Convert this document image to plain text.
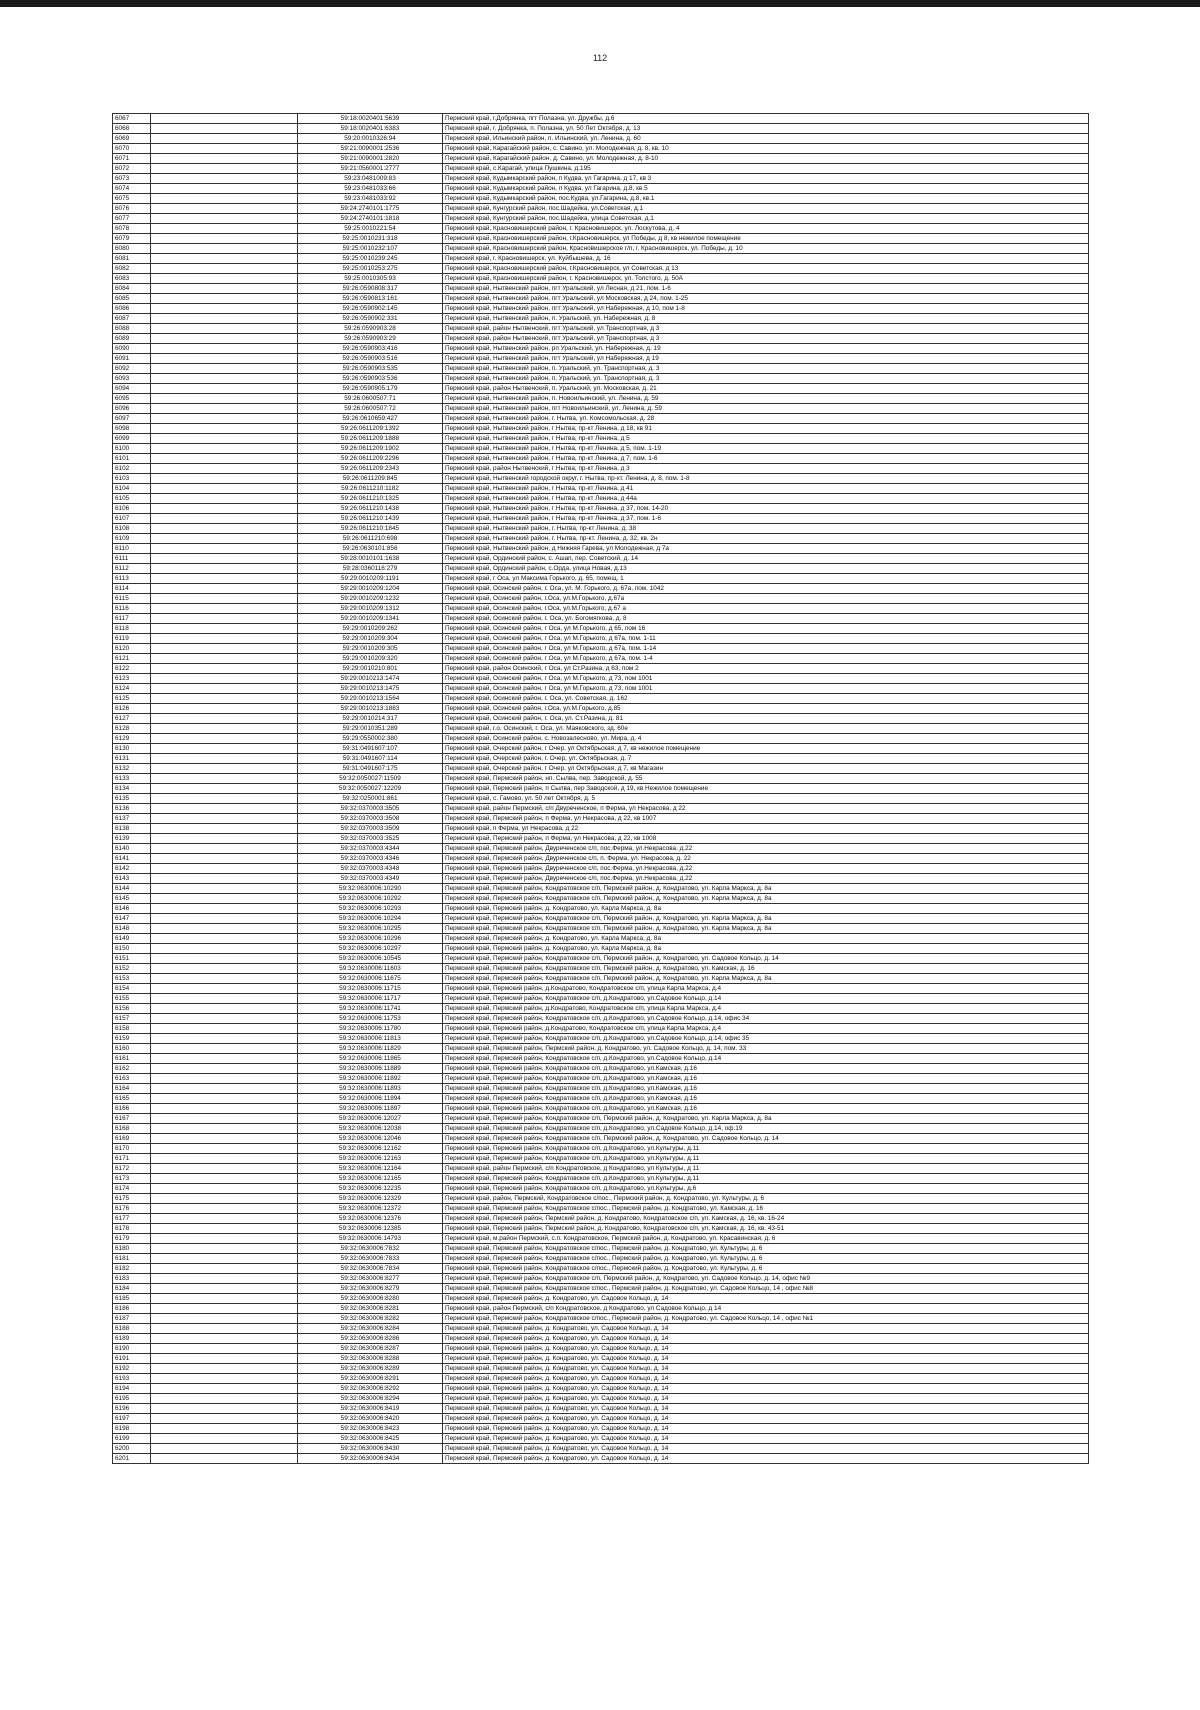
112
6067		59:18:0020401:5639	Пермский край, г.Добрянка, пгт Полазна, ул. Дружбы, д.6
6068		59:18:0020401:6383	Пермский край, г. Добрянка, п. Полазна, ул. 50 Лет Октября, д. 13
6069		59:20:0010326:94	Пермский край, Ильинский район, п. Ильинский, ул. Ленина, д. 60
6070		59:21:0090001:2536	Пермский край, Карагайский район, с. Савино, ул. Молодежная, д. 8, кв. 10
6071		59:21:0090001:2820	Пермский край, Карагайский район, д. Савино, ул. Молодежная, д. 8-10
6072		59:21:0560001:2777	Пермский край, с.Карагай, улица Пушкина, д.195
6073		59:23:0481009:83	Пермский край, Кудымкарский район, п Кудва, ул Гагарина, д 17, кв 3
6074		59:23:0481033:66	Пермский край, Кудымкарский район, п Кудва, ул Гагарина, д.8, кв.5
6075		59:23:0481033:92	Пермский край, Кудымкарский район, пос.Кудва, ул.Гагарина, д.8, кв.1
6076		59:24:2740101:1775	Пермский край, Кунгурский район, пос.Шадейка, ул.Советская, д.1
6077		59:24:2740101:1818	Пермский край, Кунгурский район, пос.Шадейка, улица Советская, д.1
6078		59:25:0010221:54	Пермский край, Красновишерский район, г. Красновишерск, ул. Лоскутова, д. 4
6079		59:25:0010231:318	Пермский край, Красновишерский район, г.Красновишерск, ул Победы, д 8, кв нежилое помещение
6080		59:25:0010232:107	Пермский край, Красновишерский район, Красновишерское г/п, г. Красновишерск, ул. Победы, д. 10
6081		59:25:0010239:245	Пермский край, г. Красновишерск, ул. Куйбышева, д. 16
6082		59:25:0010253:275	Пермский край, Красновишерский район, г.Красновишерск, ул Советская, д 13
6083		59:25:0010305:93	Пермский край, Красновишерский район, г. Красновишерск, ул. Толстого, д. 50А
6084		59:26:0590808:317	Пермский край, Нытвенский район, пгт Уральский, ул Лесная, д 21, пом. 1-6
6085		59:26:0590813:161	Пермский край, Нытвенский район, пгт Уральский, ул Московская, д 24, пом. 1-25
6086		59:26:0590902:145	Пермский край, Нытвенский район, пгт Уральский, ул Набережная, д 10, пом 1-8
6087		59:26:0590902:331	Пермский край, Нытвенский район, п. Уральский, ул. Набережная, д. 8
6088		59:26:0590903:28	Пермский край, район Нытвенский, пгт Уральский, ул Транспортная, д 3
6089		59:26:0590903:29	Пермский край, район Нытвенский, пгт Уральский, ул Транспортная, д 3
6090		59:26:0590903:416	Пермский край, Нытвенский район, рп Уральский, ул. Набережная, д. 19
6091		59:26:0590903:516	Пермский край, Нытвенский район, пгт Уральский, ул Набережная, д 19
6092		59:26:0590903:535	Пермский край, Нытвенский район, п. Уральский, ул. Транспортная, д. 3
6093		59:26:0590903:536	Пермский край, Нытвенский район, п. Уральский, ул. Транспортная, д. 3
6094		59:26:0590905:179	Пермский край, район Нытвенский, п. Уральский, ул. Московская, д. 21
6095		59:26:0600507:71	Пермский край, Нытвенский район, п. Новоильинский, ул. Ленина, д. 59
6096		59:26:0600507:72	Пермский край, Нытвенский район, пгт Новоильинский, ул. Ленина, д. 59
6097		59:26:0610659:427	Пермский край, Нытвенский район, г. Нытва, ул. Комсомольская, д. 28
6098		59:26:0611209:1392	Пермский край, Нытвенский район, г Нытва, пр-кт Ленина, д 18, кв 91
6099		59:26:0611209:1888	Пермский край, Нытвенский район, г Нытва, пр-кт Ленина, д 5
6100		59:26:0611209:1902	Пермский край, Нытвенский район, г Нытва, пр-кт Ленина, д 5, пом. 1-19
6101		59:26:0611209:2296	Пермский край, Нытвенский район, г Нытва, пр-кт Ленина, д 7, пом. 1-6
6102		59:26:0611209:2343	Пермский край, район Нытвенский, г Нытва, пр-кт Ленина, д 3
6103		59:26:0611209:845	Пермский край, Нытвенский городской округ, г. Нытва, пр-кт. Ленина, д. 8, пом. 1-8
6104		59:26:0611210:1182	Пермский край, Нытвенский район, г Нытва, пр-кт Ленина, д 41
6105		59:26:0611210:1325	Пермский край, Нытвенский район, г Нытва, пр-кт Ленина, д 44а
6106		59:26:0611210:1438	Пермский край, Нытвенский район, г Нытва, пр-кт Ленина, д 37, пом. 14-20
6107		59:26:0611210:1439	Пермский край, Нытвенский район, г Нытва, пр-кт Ленина, д 37, пом. 1-6
6108		59:26:0611210:1845	Пермский край, Нытвенский район, г. Нытва, пр-кт Ленина, д. 38
6109		59:26:0611210:698	Пермский край, Нытвенский район, г. Нытва, пр-кт. Ленина, д. 32, кв. 2н
6110		59:26:0630101:856	Пермский край, Нытвенский район, д Нижняя Гарева, ул Молодежная, д 7а
6111		59:28:0010101:1638	Пермский край, Ординский район, с. Ашап, пер. Советский, д. 14
6112		59:28:0360116:279	Пермский край, Ординский район, с.Орда, улица Новая, д.13
6113		59:29:0010209:1191	Пермский край, г Оса, ул Максима Горького, д. 65, помещ. 1
6114		59:29:0010209:1204	Пермский край, Осинский район, г. Оса, ул. М. Горького, д. 67а, пом. 1042
6115		59:29:0010209:1232	Пермский край, Осинский район, г.Оса, ул.М.Горького, д.67а
6116		59:29:0010209:1312	Пермский край, Осинский район, г.Оса, ул.М.Горького, д.67 а
6117		59:29:0010209:1341	Пермский край, Осинский район, г. Оса, ул. Богомягкова, д. 8
6118		59:29:0010209:262	Пермский край, Осинский район, г Оса, ул М.Горького, д 65, пом 16
6119		59:29:0010209:304	Пермский край, Осинский район, г Оса, ул М.Горького, д 67а, пом. 1-11
6120		59:29:0010209:305	Пермский край, Осинский район, г Оса, ул М.Горького, д 67а, пом. 1-14
6121		59:29:0010209:320	Пермский край, Осинский район, г Оса, ул М.Горького, д 67а, пом. 1-4
6122		59:29:0010210:801	Пермский край, район Осинский, г Оса, ул Ст.Разина, д 63, пом 2
6123		59:29:0010213:1474	Пермский край, Осинский район, г Оса, ул М.Горького, д 73, пом 1001
6124		59:29:0010213:1475	Пермский край, Осинский район, г Оса, ул М.Горького, д 73, пом 1001
6125		59:29:0010213:1564	Пермский край, Осинский район, г. Оса, ул. Советская, д. 162
6126		59:29:0010213:1883	Пермский край, Осинский район, г.Оса, ул.М.Горького, д.85
6127		59:29:0010214:317	Пермский край, Осинский район, г. Оса, ул. Ст.Разина, д. 81
6128		59:29:0010351:289	Пермский край, г.о. Осинский, г. Оса, ул. Маяковского, зд. 60е
6129		59:29:0550002:380	Пермский край, Осинский район, с. Новозалесново, ул. Мира, д. 4
6130		59:31:0491607:107	Пермский край, Очерский район, г Очер, ул Октябрьская, д 7, кв нежилое помещение
6131		59:31:0491607:114	Пермский край, Очерский район, г. Очер, ул. Октябрьская, д. 7
6132		59:31:0491607:175	Пермский край, Очерский район, г Очер, ул Октябрьская, д 7, кв Магазин
6133		59:32:0050027:11509	Пермский край, Пермский район, нп. Сылва, пер. Заводской, д. 55
6134		59:32:0050027:12209	Пермский край, Пермский район, п Сылва, пер Заводской, д 19, кв Нежилое помещение
6135		59:32:0250001:861	Пермский край, с. Гамово, ул. 50 лет Октября, д. 5
6136		59:32:0370003:3505	Пермский край, район Пермский, с/п Двуреченское, п Ферма, ул Некрасова, д 22
6137		59:32:0370003:3508	Пермский край, Пермский район, п Ферма, ул Некрасова, д 22, кв 1007
6138		59:32:0370003:3509	Пермский край, п Ферма, ул Некрасова, д 22
6139		59:32:0370003:3525	Пермский край, Пермский район, п Ферма, ул Некрасова, д 22, кв 1008
6140		59:32:0370003:4344	Пермский край, Пермский район, Двуреченское с/п, пос.Ферма, ул.Некрасова, д.22
6141		59:32:0370003:4346	Пермский край, Пермский район, Двуреченское с/п, п. Ферма, ул. Некрасова, д. 22
6142		59:32:0370003:4348	Пермский край, Пермский район, Двуреченское с/п, пос.Ферма, ул.Некрасова, д.22
6143		59:32:0370003:4349	Пермский край, Пермский район, Двуреченское с/п, пос.Ферма, ул.Некрасова, д.22
6144		59:32:0630006:10290	Пермский край, Пермский район, Кондратовское с/п, Пермский район, д. Кондратово, ул. Карла Маркса, д. 8а
6145		59:32:0630006:10292	Пермский край, Пермский район, Кондратовское с/п, Пермский район, д. Кондратово, ул. Карла Маркса, д. 8а
6146		59:32:0630006:10293	Пермский край, Пермский район, д. Кондратово, ул. Карла Маркса, д. 8а
6147		59:32:0630006:10294	Пермский край, Пермский район, Кондратовское с/п, Пермский район, д. Кондратово, ул. Карла Маркса, д. 8а
6148		59:32:0630006:10295	Пермский край, Пермский район, Кондратовское с/п, Пермский район, д. Кондратово, ул. Карла Маркса, д. 8а
6149		59:32:0630006:10296	Пермский край, Пермский район, д. Кондратово, ул. Карла Маркса, д. 8а
6150		59:32:0630006:10297	Пермский край, Пермский район, д. Кондратово, ул. Карла Маркса, д. 8а
6151		59:32:0630006:10545	Пермский край, Пермский район, Кондратовское с/п, Пермский район, д. Кондратово, ул. Садовое Кольцо, д. 14
6152		59:32:0630006:11603	Пермский край, Пермский район, Кондратовское с/п, Пермский район, д. Кондратово, ул. Камская, д. 16
6153		59:32:0630006:11675	Пермский край, Пермский район, Кондратовское с/п, Пермский район, д. Кондратово, ул. Карла Маркса, д. 8а
6154		59:32:0630006:11715	Пермский край, Пермский район, д.Кондратово, Кондратовское с/п, улица Карла Маркса, д.4
6155		59:32:0630006:11717	Пермский край, Пермский район, Кондратовское с/п, д.Кондратово, ул.Садовое Кольцо, д.14
6156		59:32:0630006:11741	Пермский край, Пермский район, д.Кондратово, Кондратовское с/п, улица Карла Маркса, д.4
6157		59:32:0630006:11753	Пермский край, Пермский район, Кондратовское с/п, д.Кондратово, ул.Садовое Кольцо, д.14, офис 34
6158		59:32:0630006:11780	Пермский край, Пермский район, д.Кондратово, Кондратовское с/п, улица Карла Маркса, д.4
6159		59:32:0630006:11813	Пермский край, Пермский район, Кондратовское с/п, д.Кондратово, ул.Садовое Кольцо, д.14, офис 35
6160		59:32:0630006:11829	Пермский край, Пермский район, Пермский район, д. Кондратово, ул. Садовое Кольцо, д. 14, пом. 33
6161		59:32:0630006:11865	Пермский край, Пермский район, Кондратовское с/п, д.Кондратово, ул.Садовое Кольцо, д.14
6162		59:32:0630006:11889	Пермский край, Пермский район, Кондратовское с/п, д.Кондратово, ул.Камская, д.16
6163		59:32:0630006:11892	Пермский край, Пермский район, Кондратовское с/п, д.Кондратово, ул.Камская, д.16
6164		59:32:0630006:11893	Пермский край, Пермский район, Кондратовское с/п, д.Кондратово, ул.Камская, д.16
6165		59:32:0630006:11894	Пермский край, Пермский район, Кондратовское с/п, д.Кондратово, ул.Камская, д.16
6166		59:32:0630006:11897	Пермский край, Пермский район, Кондратовское с/п, д.Кондратово, ул.Камская, д.16
6167		59:32:0630006:12027	Пермский край, Пермский район, Кондратовское с/п, Пермский район, д. Кондратово, ул. Карла Маркса, д. 8а
6168		59:32:0630006:12038	Пермский край, Пермский район, Кондратовское с/п, д.Кондратово, ул.Садовое Кольцо, д.14, оф.19
6169		59:32:0630006:12046	Пермский край, Пермский район, Кондратовское с/п, Пермский район, д. Кондратово, ул. Садовое Кольцо, д. 14
6170		59:32:0630006:12162	Пермский край, Пермский район, Кондратовское с/п, д.Кондратово, ул.Культуры, д.11
6171		59:32:0630006:12163	Пермский край, Пермский район, Кондратовское с/п, д.Кондратово, ул.Культуры, д.11
6172		59:32:0630006:12164	Пермский край, район Пермский, с/п Кондратовское, д Кондратово, ул Культуры, д 11
6173		59:32:0630006:12165	Пермский край, Пермский район, Кондратовское с/п, д.Кондратово, ул.Культуры, д.11
6174		59:32:0630006:12235	Пермский край, Пермский район, Кондратовское с/п, д.Кондратово, ул.Культуры, д.6
6175		59:32:0630006:12329	Пермский край, район, Пермский, Кондратовское с/пос., Пермский район, д. Кондратово, ул. Культуры, д. 6
6176		59:32:0630006:12372	Пермский край, Пермский район, Кондратовское с/пос., Пермский район, д. Кондратово, ул. Камская, д. 16
6177		59:32:0630006:12376	Пермский край, Пермский район, Пермский район, д. Кондратово, Кондратовское с/п, ул. Камская, д. 16, кв. 16-24
6178		59:32:0630006:12385	Пермский край, Пермский район, Пермский район, д. Кондратово, Кондратовское с/п, ул. Камская, д. 16, кв. 43-51
6179		59:32:0630006:14793	Пермский край, м.район Пермский, с.п. Кондратовское, Пермский район, д. Кондратово, ул. Красавинская, д. 6
6180		59:32:0630006:7832	Пермский край, Пермский район, Кондратовское с/пос., Пермский район, д. Кондратово, ул. Культуры, д. 6
6181		59:32:0630006:7833	Пермский край, Пермский район, Кондратовское с/пос., Пермский район, д. Кондратово, ул. Культуры, д. 6
6182		59:32:0630006:7834	Пермский край, Пермский район, Кондратовское с/пос., Пермский район, д. Кондратово, ул. Культуры, д. 6
6183		59:32:0630006:8277	Пермский край, Пермский район, Кондратовское с/п, Пермский район, д. Кондратово, ул. Садовое Кольцо, д. 14, офис №9
6184		59:32:0630006:8279	Пермский край, Пермский район, Кондратовское с/пос., Пермский район, д. Кондратово, ул. Садовое Кольцо, 14 , офис №8
6185		59:32:0630006:8280	Пермский край, Пермский район, д. Кондратово, ул. Садовое Кольцо, д. 14
6186		59:32:0630006:8281	Пермский край, район Пермский, с/п Кондратовское, д Кондратово, ул Садовое Кольцо, д 14
6187		59:32:0630006:8282	Пермский край, Пермский район, Кондратовское с/пос., Пермский район, д. Кондратово, ул. Садовое Кольцо, 14 , офис №1
6188		59:32:0630006:8284	Пермский край, Пермский район, д. Кондратово, ул. Садовое Кольцо, д. 14
6189		59:32:0630006:8286	Пермский край, Пермский район, д. Кондратово, ул. Садовое Кольцо, д. 14
6190		59:32:0630006:8287	Пермский край, Пермский район, д. Кондратово, ул. Садовое Кольцо, д. 14
6191		59:32:0630006:8288	Пермский край, Пермский район, д. Кондратово, ул. Садовое Кольцо, д. 14
6192		59:32:0630006:8289	Пермский край, Пермский район, д. Кондратово, ул. Садовое Кольцо, д. 14
6193		59:32:0630006:8291	Пермский край, Пермский район, д. Кондратово, ул. Садовое Кольцо, д. 14
6194		59:32:0630006:8292	Пермский край, Пермский район, д. Кондратово, ул. Садовое Кольцо, д. 14
6195		59:32:0630006:8294	Пермский край, Пермский район, д. Кондратово, ул. Садовое Кольцо, д. 14
6196		59:32:0630006:8419	Пермский край, Пермский район, д. Кондратово, ул. Садовое Кольцо, д. 14
6197		59:32:0630006:8420	Пермский край, Пермский район, д. Кондратово, ул. Садовое Кольцо, д. 14
6198		59:32:0630006:8423	Пермский край, Пермский район, д. Кондратово, ул. Садовое Кольцо, д. 14
6199		59:32:0630006:8425	Пермский край, Пермский район, д. Кондратово, ул. Садовое Кольцо, д. 14
6200		59:32:0630006:8430	Пермский край, Пермский район, д. Кондратово, ул. Садовое Кольцо, д. 14
6201		59:32:0630006:8434	Пермский край, Пермский район, д. Кондратово, ул. Садовое Кольцо, д. 14
